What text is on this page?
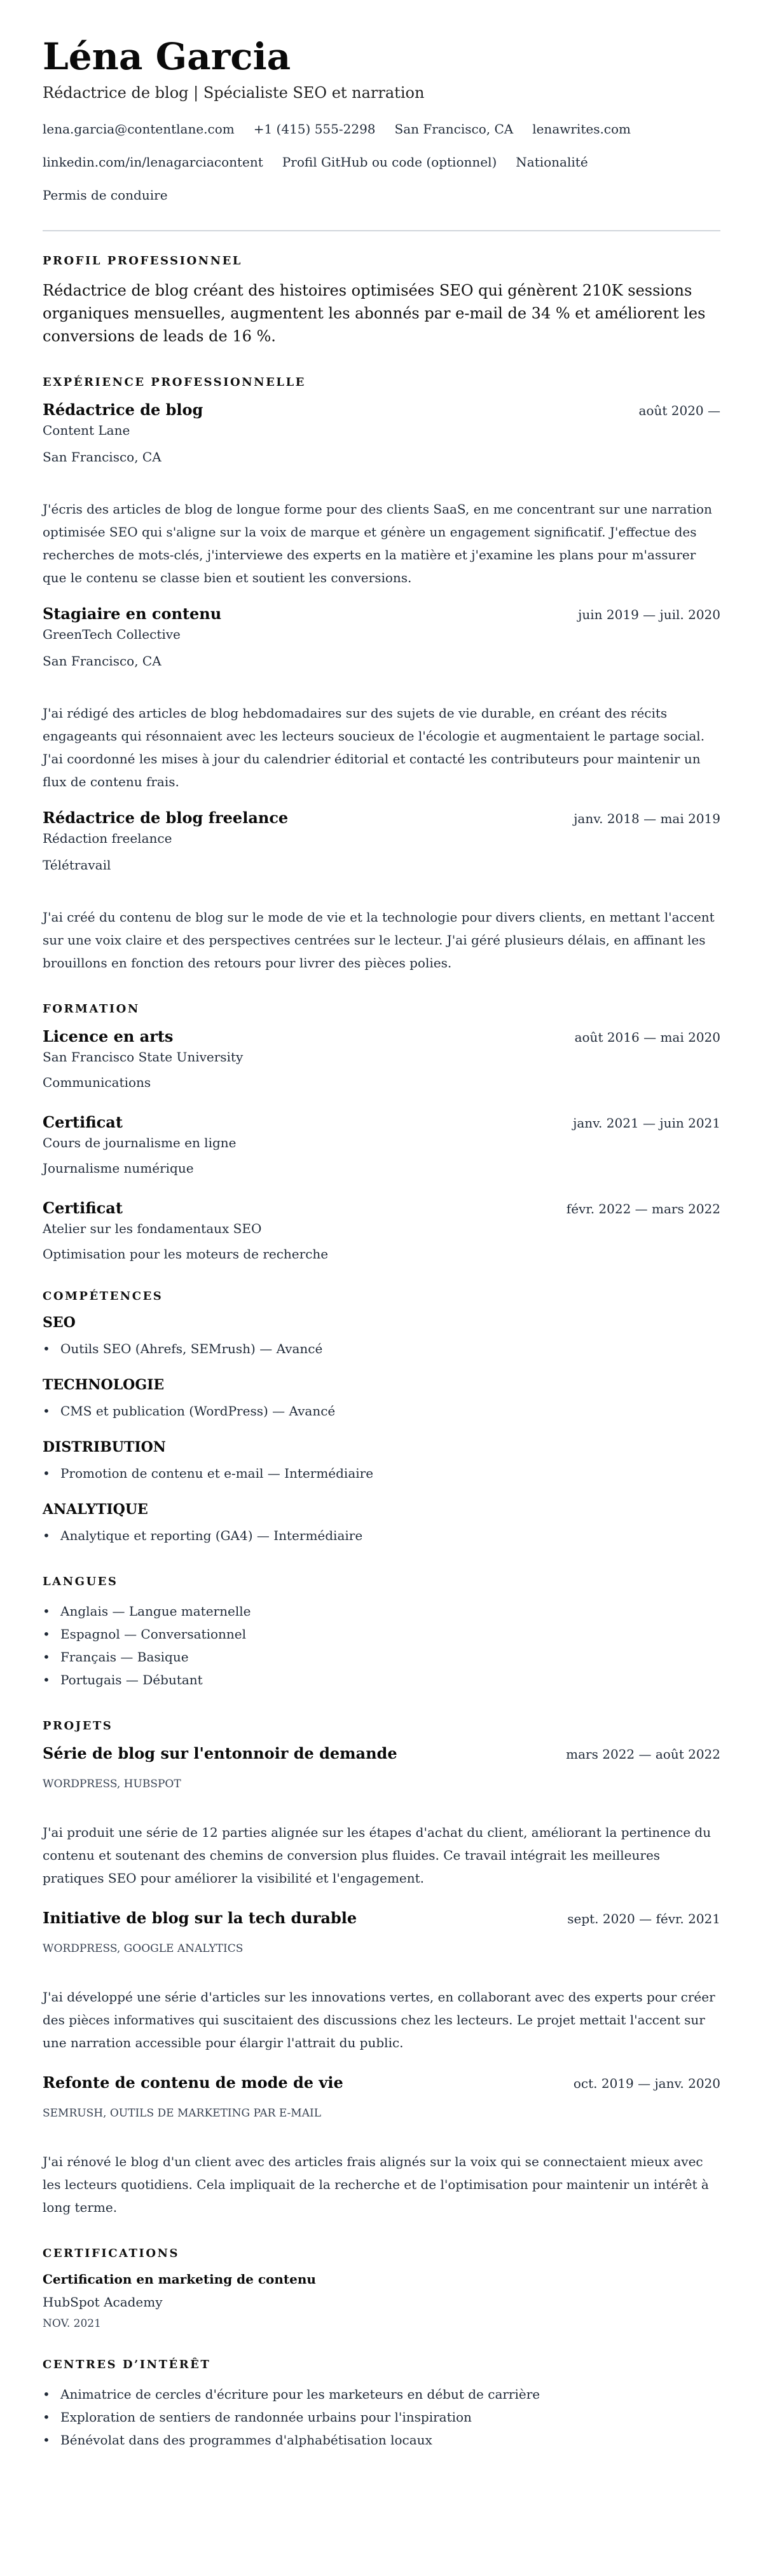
Léna Garcia
Rédactrice de blog | Spécialiste SEO et narration
lena.garcia@contentlane.com +1 (415) 555-2298 San Francisco, CA lenawrites.com
linkedin.com/in/lenagarciacontent Profil GitHub ou code (optionnel) Nationalité
Permis de conduire
PROFIL PROFESSIONNEL

Rédactrice de blog créant des histoires optimisées SEO qui génèrent 210K sessions organiques mensuelles, augmentent les abonnés par e-mail de 34 % et améliorent les conversions de leads de 16 %.

EXPÉRIENCE PROFESSIONNELLE
Rédactrice de blog	août 2020 —
Content Lane
San Francisco, CA

J'écris des articles de blog de longue forme pour des clients SaaS, en me concentrant sur une narration optimisée SEO qui s'aligne sur la voix de marque et génère un engagement significatif. J'effectue des recherches de mots-clés, j'interviewe des experts en la matière et j'examine les plans pour m'assurer que le contenu se classe bien et soutient les conversions.

Stagiaire en contenu	juin 2019 — juil. 2020
GreenTech Collective
San Francisco, CA

J'ai rédigé des articles de blog hebdomadaires sur des sujets de vie durable, en créant des récits engageants qui résonnaient avec les lecteurs soucieux de l'écologie et augmentaient le partage social. J'ai coordonné les mises à jour du calendrier éditorial et contacté les contributeurs pour maintenir un flux de contenu frais.

Rédactrice de blog freelance	janv. 2018 — mai 2019
Rédaction freelance
Télétravail

J'ai créé du contenu de blog sur le mode de vie et la technologie pour divers clients, en mettant l'accent sur une voix claire et des perspectives centrées sur le lecteur. J'ai géré plusieurs délais, en affinant les brouillons en fonction des retours pour livrer des pièces polies.

FORMATION
Licence en arts	août 2016 — mai 2020
San Francisco State University
Communications
Certificat	janv. 2021 — juin 2021
Cours de journalisme en ligne
Journalisme numérique
Certificat	févr. 2022 — mars 2022
Atelier sur les fondamentaux SEO
Optimisation pour les moteurs de recherche
COMPÉTENCES
SEO
• Outils SEO (Ahrefs, SEMrush) — Avancé
TECHNOLOGIE
• CMS et publication (WordPress) — Avancé
DISTRIBUTION
• Promotion de contenu et e-mail — Intermédiaire
ANALYTIQUE
• Analytique et reporting (GA4) — Intermédiaire
LANGUES
• Anglais — Langue maternelle
• Espagnol — Conversationnel
• Français — Basique
• Portugais — Débutant
PROJETS
Série de blog sur l'entonnoir de demande	mars 2022 — août 2022
WORDPRESS, HUBSPOT

J'ai produit une série de 12 parties alignée sur les étapes d'achat du client, améliorant la pertinence du contenu et soutenant des chemins de conversion plus fluides. Ce travail intégrait les meilleures pratiques SEO pour améliorer la visibilité et l'engagement.

Initiative de blog sur la tech durable	sept. 2020 — févr. 2021
WORDPRESS, GOOGLE ANALYTICS

J'ai développé une série d'articles sur les innovations vertes, en collaborant avec des experts pour créer des pièces informatives qui suscitaient des discussions chez les lecteurs. Le projet mettait l'accent sur une narration accessible pour élargir l'attrait du public.

Refonte de contenu de mode de vie	oct. 2019 — janv. 2020
SEMRUSH, OUTILS DE MARKETING PAR E-MAIL

J'ai rénové le blog d'un client avec des articles frais alignés sur la voix qui se connectaient mieux avec les lecteurs quotidiens. Cela impliquait de la recherche et de l'optimisation pour maintenir un intérêt à long terme.

CERTIFICATIONS
Certification en marketing de contenu
HubSpot Academy
NOV. 2021
CENTRES D’INTÉRÊT
• Animatrice de cercles d'écriture pour les marketeurs en début de carrière
• Exploration de sentiers de randonnée urbains pour l'inspiration
• Bénévolat dans des programmes d'alphabétisation locaux
